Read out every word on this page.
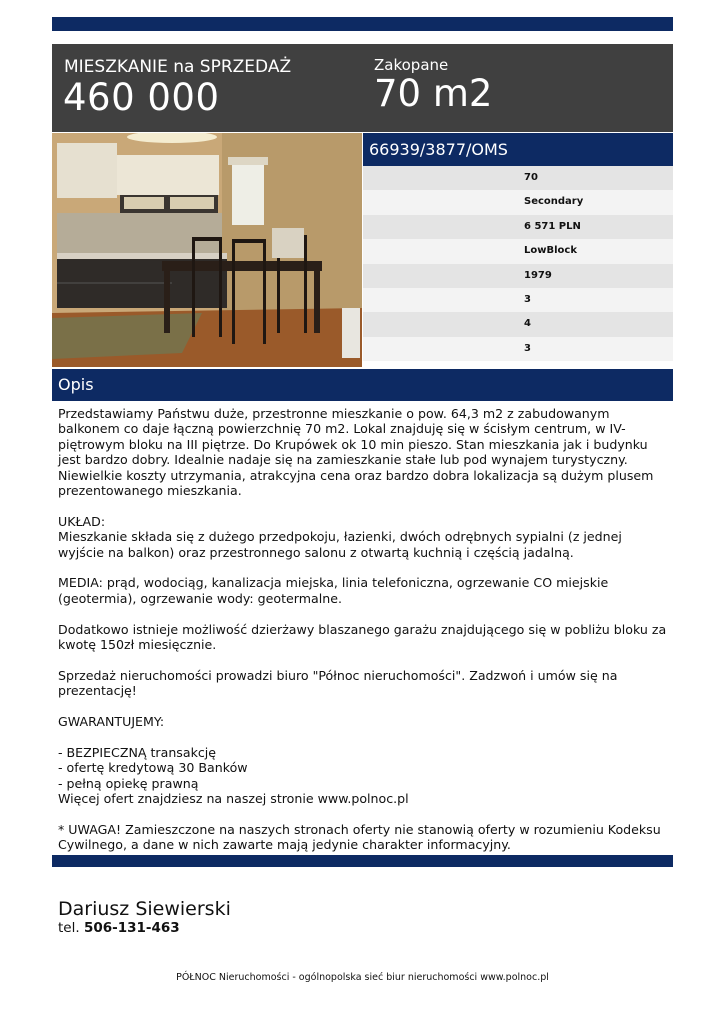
MIESZKANIE na SPRZEDAŻ
460 000
Zakopane
70 m2
66939/3877/OMS
70
Secondary
6 571 PLN
LowBlock
1979
3
4
3
Opis

Przedstawiamy Państwu duże, przestronne mieszkanie o pow. 64,3 m2 z zabudowanym balkonem co daje łączną powierzchnię 70 m2. Lokal znajduję się w ścisłym centrum, w IV-piętrowym bloku na III piętrze. Do Krupówek ok 10 min pieszo. Stan mieszkania jak i budynku jest bardzo dobry. Idealnie nadaje się na zamieszkanie stałe lub pod wynajem turystyczny. Niewielkie koszty utrzymania, atrakcyjna cena oraz bardzo dobra lokalizacja są dużym plusem prezentowanego mieszkania.

UKŁAD:
Mieszkanie składa się z dużego przedpokoju, łazienki, dwóch odrębnych sypialni (z jednej wyjście na balkon) oraz przestronnego salonu z otwartą kuchnią i częścią jadalną.

MEDIA: prąd, wodociąg, kanalizacja miejska, linia telefoniczna, ogrzewanie CO miejskie (geotermia), ogrzewanie wody: geotermalne.

Dodatkowo istnieje możliwość dzierżawy blaszanego garażu znajdującego się w pobliżu bloku za kwotę 150zł miesięcznie.

Sprzedaż nieruchomości prowadzi biuro "Północ nieruchomości". Zadzwoń i umów się na prezentację!

GWARANTUJEMY:

- BEZPIECZNĄ transakcję
- ofertę kredytową 30 Banków
- pełną opiekę prawną
Więcej ofert znajdziesz na naszej stronie www.polnoc.pl

* UWAGA! Zamieszczone na naszych stronach oferty nie stanowią oferty w rozumieniu Kodeksu Cywilnego, a dane w nich zawarte mają jedynie charakter informacyjny.

Dariusz Siewierski
tel. 506-131-463
PÓŁNOC Nieruchomości - ogólnopolska sieć biur nieruchomości www.polnoc.pl
